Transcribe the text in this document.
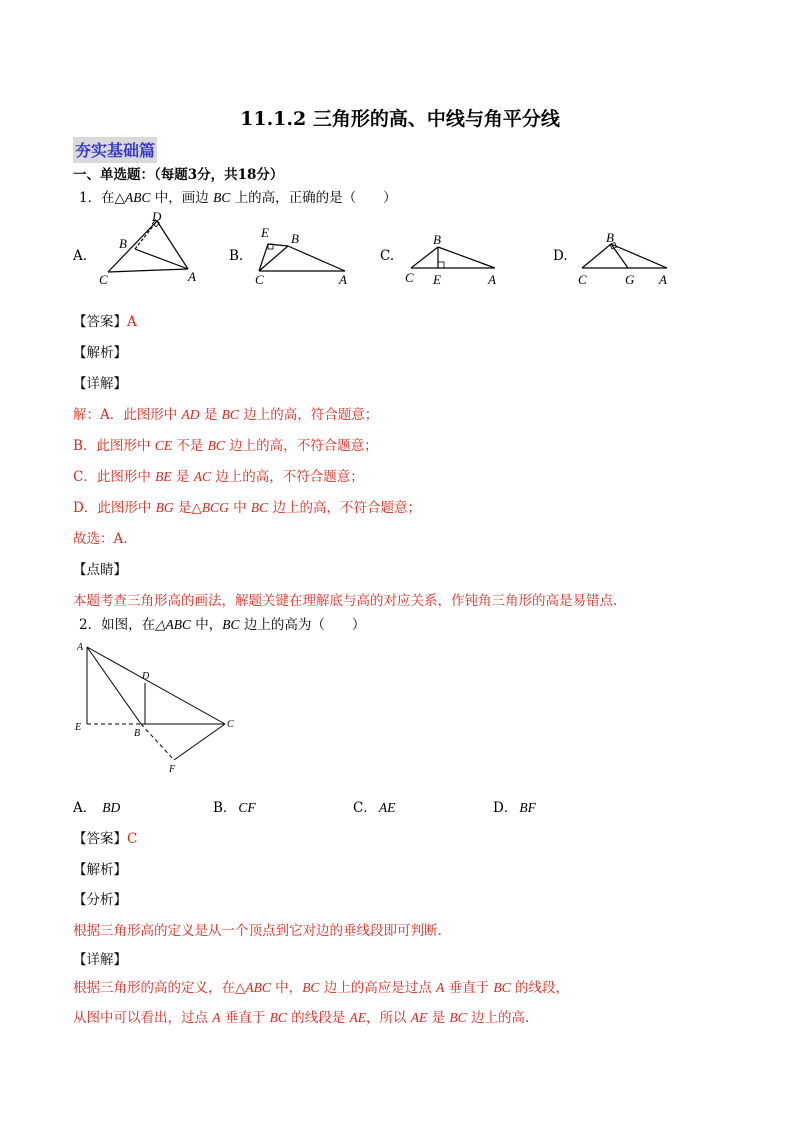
11.1.2 三角形的高、中线与角平分线
夯实基础篇
一、单选题：（每题3分，共18分）
1．在△ABC 中，画边 BC 上的高，正确的是（　　）
A.	B.	C.	D.
D
B
C	A
E B
C	A
B
C E	A
B
C	G A
【答案】A
【解析】
【详解】
解：A．此图形中 AD 是 BC 边上的高，符合题意；
B．此图形中 CE 不是 BC 边上的高，不符合题意；
C．此图形中 BE 是 AC 边上的高，不符合题意；
D．此图形中 BG 是△BCG 中 BC 边上的高，不符合题意；
故选：A.
【点睛】
本题考查三角形高的画法，解题关键在理解底与高的对应关系，作钝角三角形的高是易错点.
2．如图，在△ABC 中，BC 边上的高为（　　）
A
D
E
B
C
F
A． BD	B． CF	C． AE	D． BF
【答案】C
【解析】
【分析】
根据三角形高的定义是从一个顶点到它对边的垂线段即可判断.
【详解】
根据三角形的高的定义，在△ABC 中，BC 边上的高应是过点 A 垂直于 BC 的线段，
从图中可以看出，过点 A 垂直于 BC 的线段是 AE，所以 AE 是 BC 边上的高.
